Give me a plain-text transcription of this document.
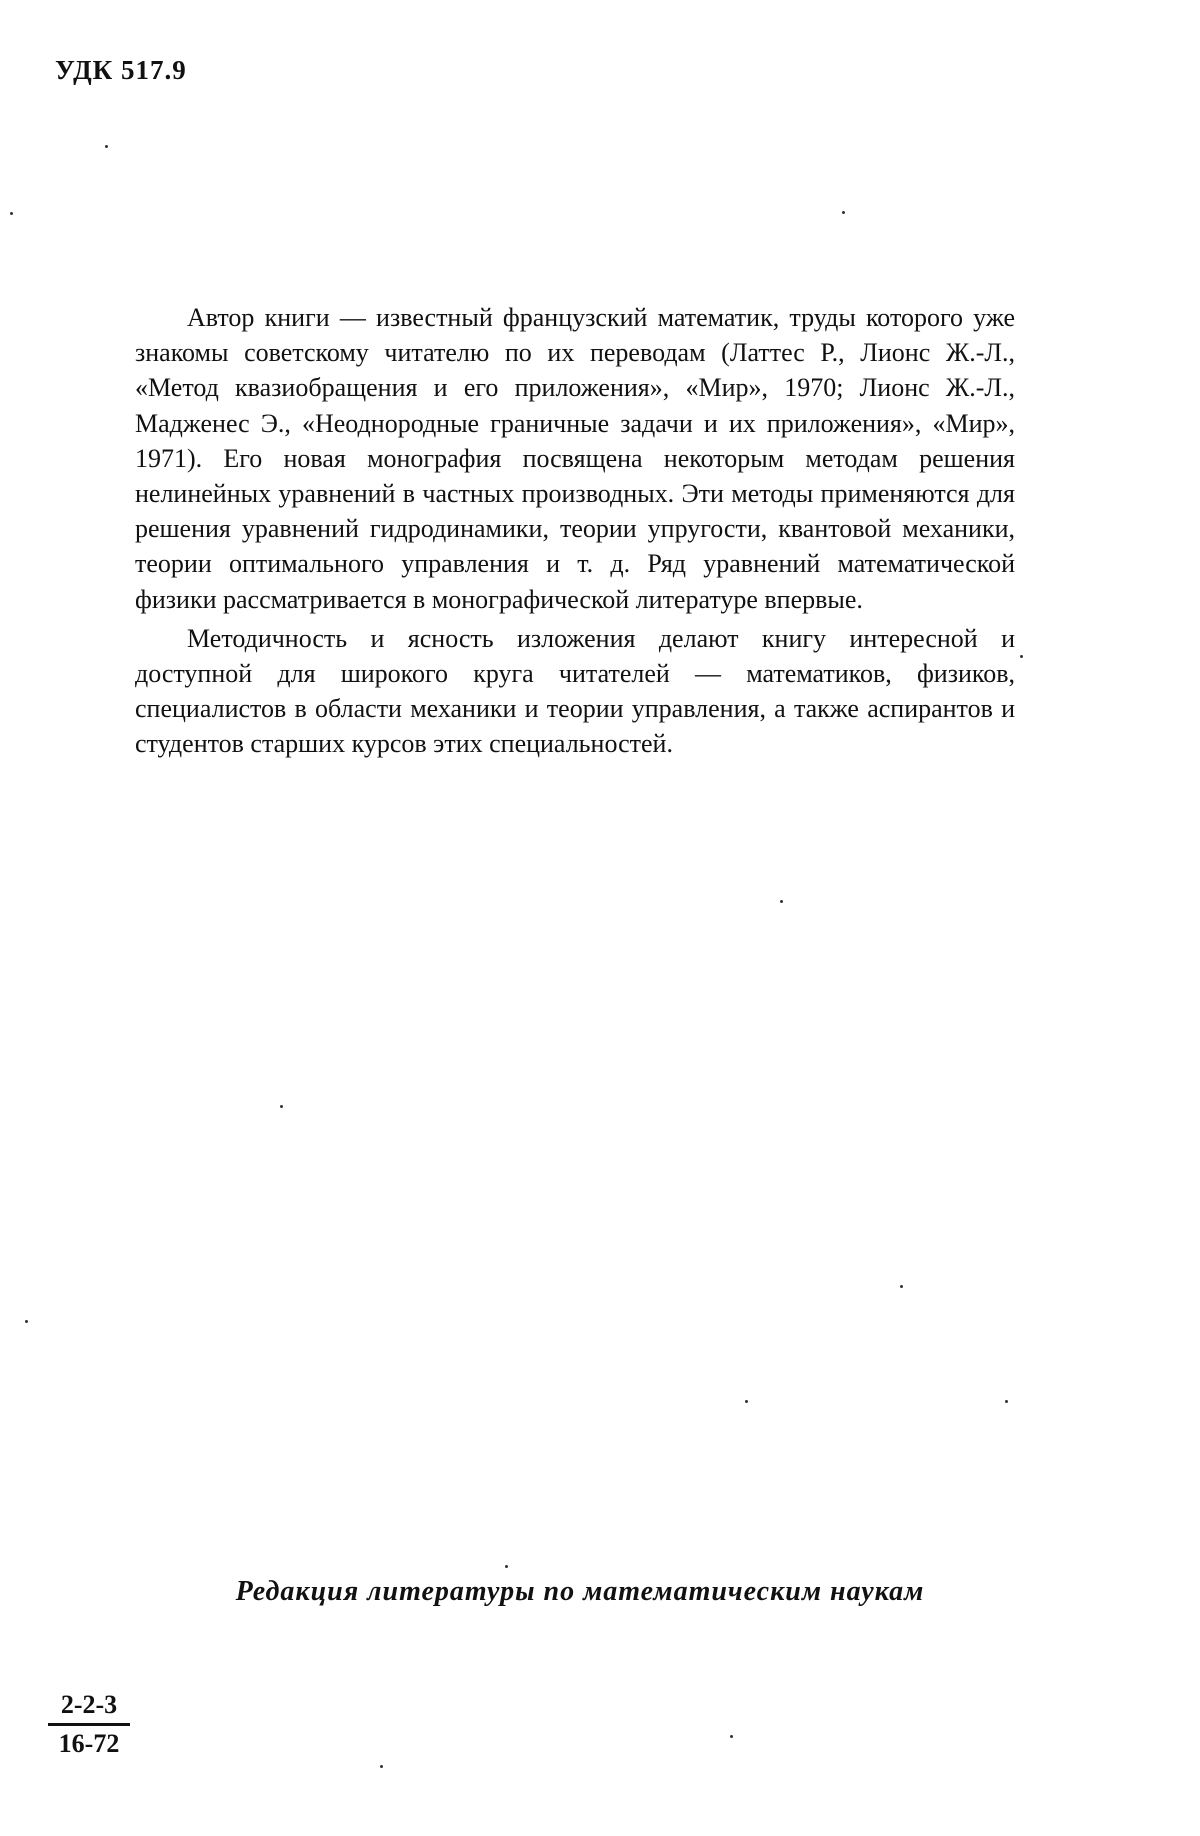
УДК 517.9

Автор книги — известный французский математик, труды которого уже знакомы советскому читателю по их переводам (Латтес Р., Лионс Ж.-Л., «Метод квазиобращения и его приложения», «Мир», 1970; Лионс Ж.-Л., Мадженес Э., «Неоднородные граничные задачи и их приложения», «Мир», 1971). Его новая монография посвящена некоторым методам решения нелинейных уравнений в частных производных. Эти методы применяются для решения уравнений гидродинамики, теории упругости, квантовой механики, теории оптимального управления и т. д. Ряд уравнений математической физики рассматривается в монографической литературе впервые.

Методичность и ясность изложения делают книгу интересной и доступной для широкого круга читателей — математиков, физиков, специалистов в области механики и теории управления, а также аспирантов и студентов старших курсов этих специальностей.

Редакция литературы по математическим наукам
$\frac{2-2-3}{16-72}$
